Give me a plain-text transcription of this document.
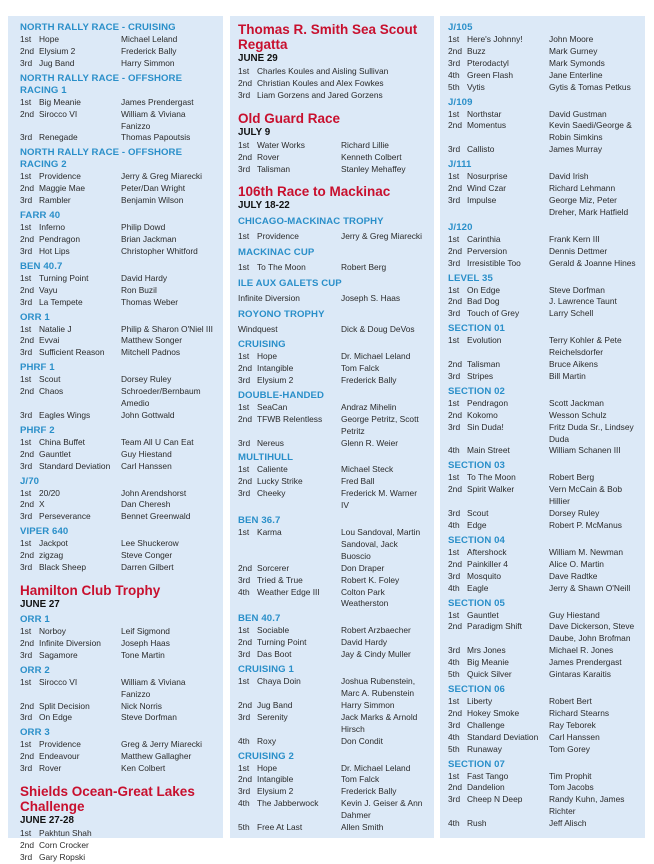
NORTH RALLY RACE - CRUISING
1st Hope	Michael Leland
2nd Elysium 2	Frederick Bally
3rd Jug Band	Harry Simmon
NORTH RALLY RACE - OFFSHORE RACING 1
1st Big Meanie	James Prendergast
2nd Sirocco VI	William & Viviana Fanizzo
3rd Renegade	Thomas Papoutsis
NORTH RALLY RACE - OFFSHORE RACING 2
1st Providence	Jerry & Greg Miarecki
2nd Maggie Mae	Peter/Dan Wright
3rd Rambler	Benjamin Wilson
FARR 40
1st Inferno	Philip Dowd
2nd Pendragon	Brian Jackman
3rd Hot Lips	Christopher Whitford
BEN 40.7
1st Turning Point	David Hardy
2nd Vayu	Ron Buzil
3rd La Tempete	Thomas Weber
ORR 1
1st Natalie J	Philip & Sharon O'Niel III
2nd Evvai	Matthew Songer
3rd Sufficient Reason	Mitchell Padnos
PHRF 1
1st Scout	Dorsey Ruley
2nd Chaos	Schroeder/Bernbaum Amedio
3rd Eagles Wings	John Gottwald
PHRF 2
1st China Buffet	Team All U Can Eat
2nd Gauntlet	Guy Hiestand
3rd Standard Deviation	Carl Hanssen
J/70
1st 20/20	John Arendshorst
2nd X	Dan Cheresh
3rd Perseverance	Bennet Greenwald
VIPER 640
1st Jackpot	Lee Shuckerow
2nd zigzag	Steve Conger
3rd Black Sheep	Darren Gilbert
Hamilton Club Trophy
JUNE 27
ORR 1
1st Norboy	Leif Sigmond
2nd Infinite Diversion	Joseph Haas
3rd Sagamore	Tone Martin
ORR 2
1st Sirocco VI	William & Viviana Fanizzo
2nd Split Decision	Nick Norris
3rd On Edge	Steve Dorfman
ORR 3
1st Providence	Greg & Jerry Miarecki
2nd Endeavour	Matthew Gallagher
3rd Rover	Ken Colbert
Shields Ocean-Great Lakes Challenge
JUNE 27-28
1st Pakhtun Shah
2nd Corn Crocker
3rd Gary Ropski
Thomas R. Smith Sea Scout Regatta
JUNE 29
1st Charles Koules and Aisling Sullivan
2nd Christian Koules and Alex Fowkes
3rd Liam Gorzens and Jared Gorzens
Old Guard Race
JULY 9
1st Water Works	Richard Lillie
2nd Rover	Kenneth Colbert
3rd Talisman	Stanley Mehaffey
106th Race to Mackinac
JULY 18-22
CHICAGO-MACKINAC TROPHY
1st Providence	Jerry & Greg Miarecki
MACKINAC CUP
1st To The Moon	Robert Berg
ILE AUX GALETS CUP
Infinite Diversion	Joseph S. Haas
ROYONO TROPHY
Windquest	Dick & Doug DeVos
CRUISING
1st Hope	Dr. Michael Leland
2nd Intangible	Tom Falck
3rd Elysium 2	Frederick Bally
DOUBLE-HANDED
1st SeaCan	Andraz Mihelin
2nd TFWB Relentless	George Petritz, Scott Petritz
3rd Nereus	Glenn R. Weier
MULTIHULL
1st Caliente	Michael Steck
2nd Lucky Strike	Fred Ball
3rd Cheeky	Frederick M. Warner IV
BEN 36.7
1st Karma	Lou Sandoval, Martin Sandoval, Jack Buoscio
2nd Sorcerer	Don Draper
3rd Tried & True	Robert K. Foley
4th Weather Edge III	Colton Park Weatherston
BEN 40.7
1st Sociable	Robert Arzbaecher
2nd Turning Point	David Hardy
3rd Das Boot	Jay & Cindy Muller
CRUISING 1
1st Chaya Doin	Joshua Rubenstein, Marc A. Rubenstein
2nd Jug Band	Harry Simmon
3rd Serenity	Jack Marks & Arnold Hirsch
4th Roxy	Don Condit
CRUISING 2
1st Hope	Dr. Michael Leland
2nd Intangible	Tom Falck
3rd Elysium 2	Frederick Bally
4th The Jabberwock	Kevin J. Geiser & Ann Dahmer
5th Free At Last	Allen Smith
J/105
1st Here's Johnny!	John Moore
2nd Buzz	Mark Gurney
3rd Pterodactyl	Mark Symonds
4th Green Flash	Jane Enterline
5th Vytis	Gytis & Tomas Petkus
J/109
1st Northstar	David Gustman
2nd Momentus	Kevin Saedi/George & Robin Simkins
3rd Callisto	James Murray
J/111
1st Nosurprise	David Irish
2nd Wind Czar	Richard Lehmann
3rd Impulse	George Miz, Peter Dreher, Mark Hatfield
J/120
1st Carinthia	Frank Kern III
2nd Perversion	Dennis Dettmer
3rd Irresistible Too	Gerald & Joanne Hines
LEVEL 35
1st On Edge	Steve Dorfman
2nd Bad Dog	J. Lawrence Taunt
3rd Touch of Grey	Larry Schell
SECTION 01
1st Evolution	Terry Kohler & Pete Reichelsdorfer
2nd Talisman	Bruce Aikens
3rd Stripes	Bill Martin
SECTION 02
1st Pendragon	Scott Jackman
2nd Kokomo	Wesson Schulz
3rd Sin Duda!	Fritz Duda Sr., Lindsey Duda
4th Main Street	William Schanen III
SECTION 03
1st To The Moon	Robert Berg
2nd Spirit Walker	Vern McCain & Bob Hillier
3rd Scout	Dorsey Ruley
4th Edge	Robert P. McManus
SECTION 04
1st Aftershock	William M. Newman
2nd Painkiller 4	Alice O. Martin
3rd Mosquito	Dave Radtke
4th Eagle	Jerry & Shawn O'Neill
SECTION 05
1st Gauntlet	Guy Hiestand
2nd Paradigm Shift	Dave Dickerson, Steve Daube, John Brofman
3rd Mrs Jones	Michael R. Jones
4th Big Meanie	James Prendergast
5th Quick Silver	Gintaras Karaitis
SECTION 06
1st Liberty	Robert Bert
2nd Hokey Smoke	Richard Stearns
3rd Challenge	Ray Teborek
4th Standard Deviation	Carl Hanssen
5th Runaway	Tom Gorey
SECTION 07
1st Fast Tango	Tim Prophit
2nd Dandelion	Tom Jacobs
3rd Cheep N Deep	Randy Kuhn, James Richter
4th Rush	Jeff Alisch
